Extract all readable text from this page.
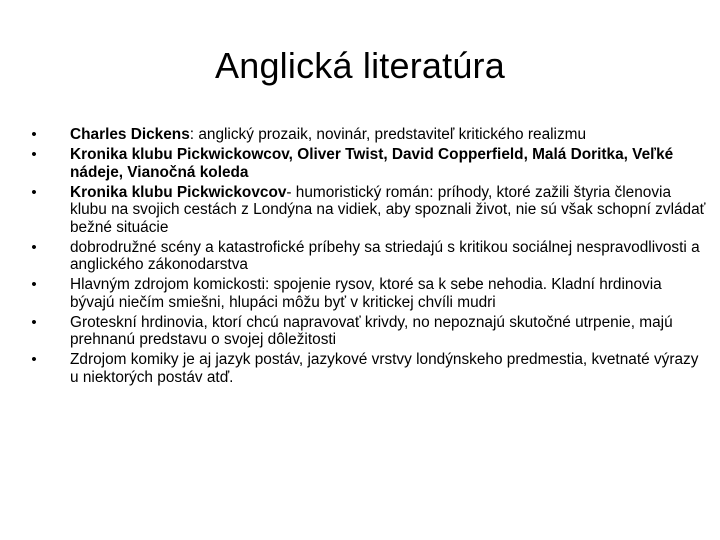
Anglická literatúra
• Charles Dickens: anglický prozaik, novinár, predstaviteľ kritického realizmu
• Kronika klubu Pickwickowcov, Oliver Twist, David Copperfield, Malá Doritka, Veľké nádeje, Vianočná koleda
• Kronika klubu Pickwickovcov- humoristický román: príhody, ktoré zažili štyria členovia klubu na svojich cestách z Londýna na vidiek, aby spoznali život, nie sú však schopní zvládať bežné situácie
• dobrodružné scény a katastrofické príbehy sa striedajú s kritikou sociálnej nespravodlivosti a anglického zákonodarstva
• Hlavným zdrojom komickosti: spojenie rysov, ktoré sa k sebe nehodia. Kladní hrdinovia bývajú niečím smiešni, hlupáci môžu byť v kritickej chvíli mudri
• Groteskní hrdinovia, ktorí chcú napravovať krivdy, no nepoznajú skutočné utrpenie, majú prehnanú predstavu o svojej dôležitosti
• Zdrojom komiky je aj jazyk postáv, jazykové vrstvy londýnskeho predmestia, kvetnaté výrazy u niektorých postáv atď.
